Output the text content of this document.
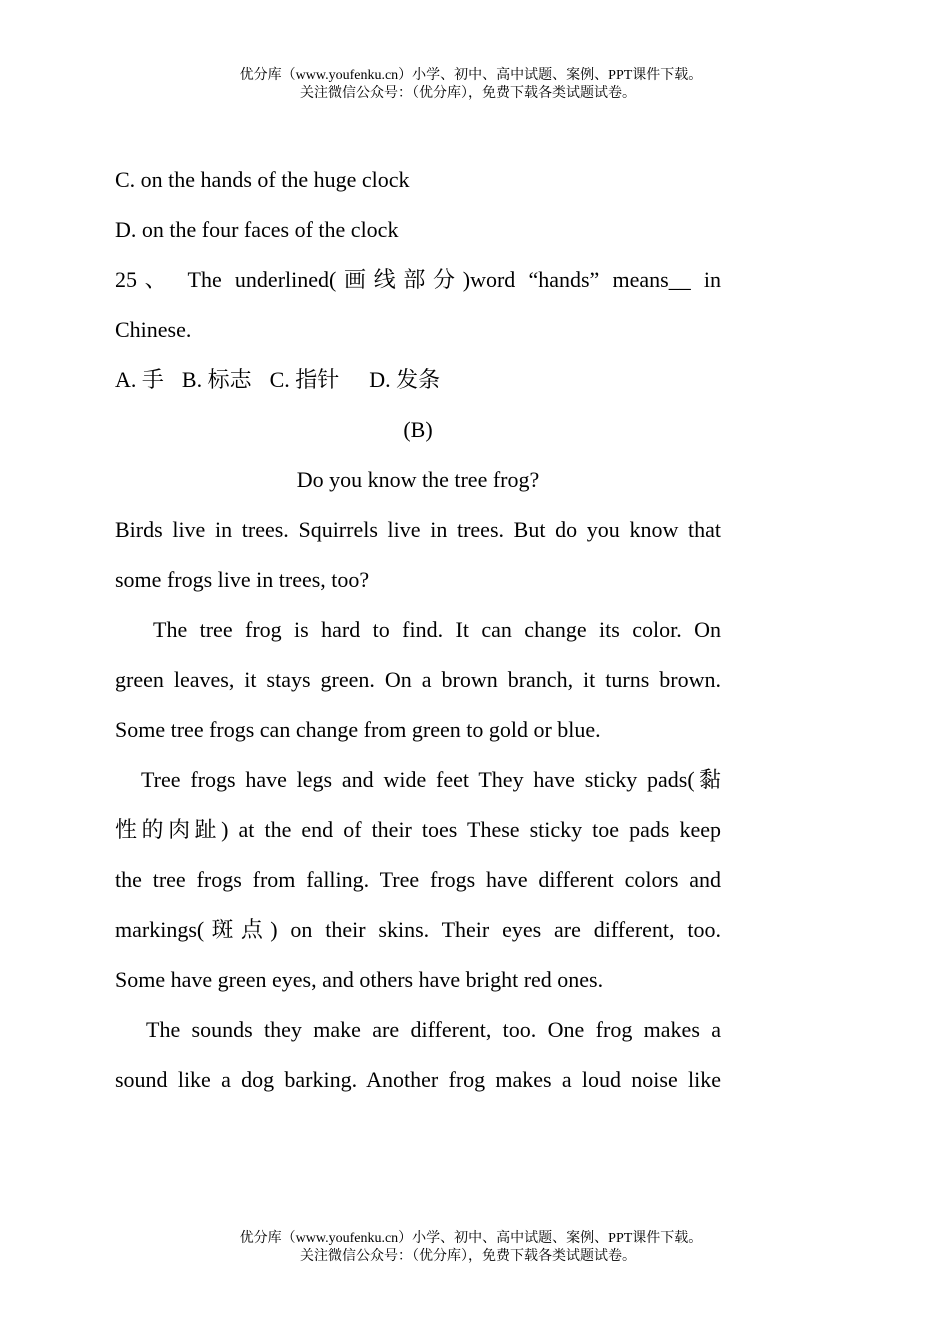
优分库（www.youfenku.cn）小学、初中、高中试题、案例、PPT课件下载。
关注微信公众号：（优分库），免费下载各类试题试卷。
C. on the hands of the huge clock
D. on the four faces of the clock
25、 The underlined(画线部分)word “hands” means__ in
Chinese.
A. 手 B. 标志 C. 指针 D. 发条
(B)
Do you know the tree frog?
Birds live in trees. Squirrels live in trees. But do you know that
some frogs live in trees, too?
The tree frog is hard to find. It can change its color. On
green leaves, it stays green. On a brown branch, it turns brown.
Some tree frogs can change from green to gold or blue.
Tree frogs have legs and wide feet They have sticky pads(黏
性的肉趾) at the end of their toes These sticky toe pads keep
the tree frogs from falling. Tree frogs have different colors and
markings(斑点) on their skins. Their eyes are different, too.
Some have green eyes, and others have bright red ones.
The sounds they make are different, too. One frog makes a
sound like a dog barking. Another frog makes a loud noise like
优分库（www.youfenku.cn）小学、初中、高中试题、案例、PPT课件下载。
关注微信公众号：（优分库），免费下载各类试题试卷。
